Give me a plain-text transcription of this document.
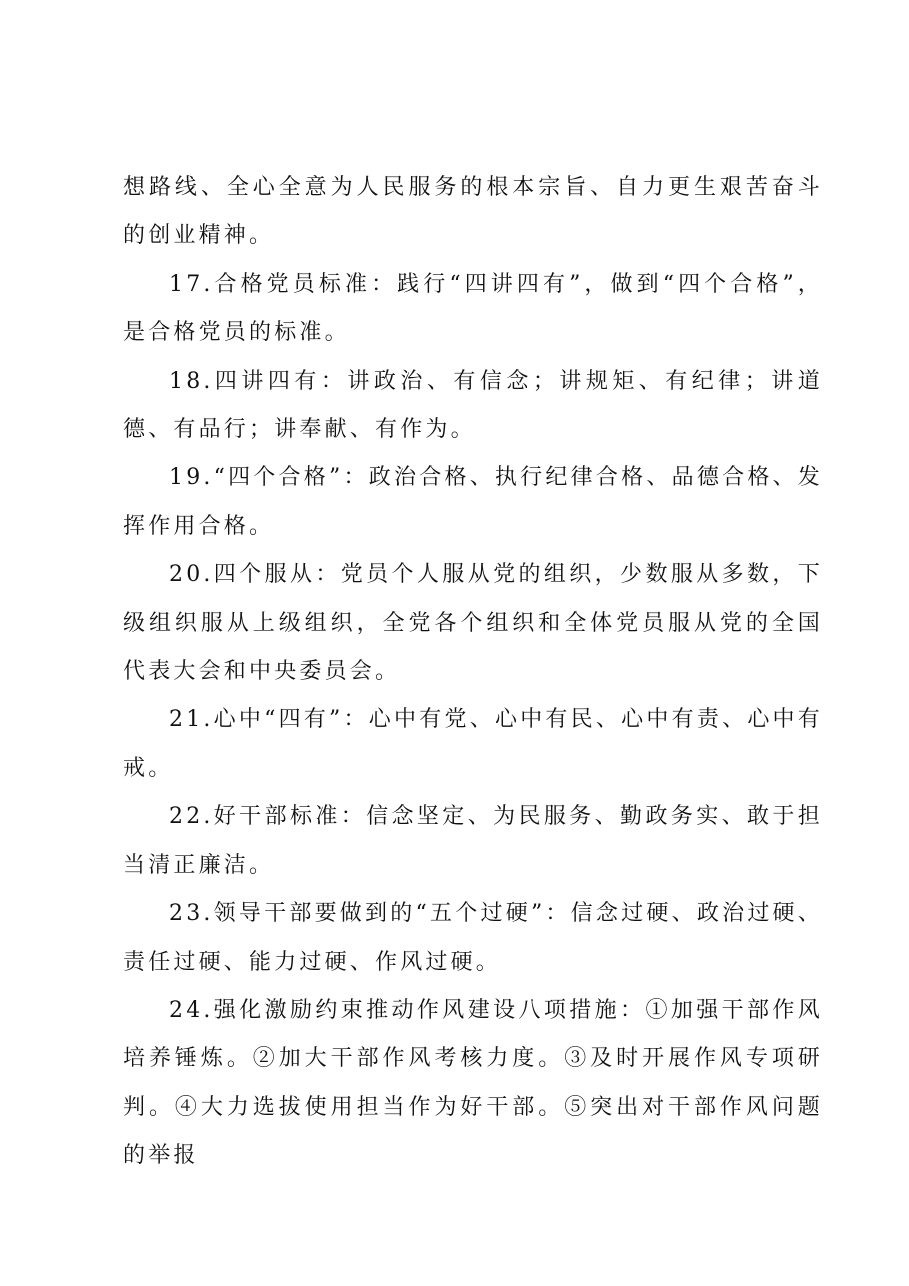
想路线、全心全意为人民服务的根本宗旨、自力更生艰苦奋斗的创业精神。

17.合格党员标准：践行“四讲四有”，做到“四个合格”，是合格党员的标准。

18.四讲四有：讲政治、有信念；讲规矩、有纪律；讲道德、有品行；讲奉献、有作为。

19.“四个合格”：政治合格、执行纪律合格、品德合格、发挥作用合格。

20.四个服从：党员个人服从党的组织，少数服从多数，下级组织服从上级组织，全党各个组织和全体党员服从党的全国代表大会和中央委员会。

21.心中“四有”：心中有党、心中有民、心中有责、心中有戒。

22.好干部标准：信念坚定、为民服务、勤政务实、敢于担当清正廉洁。

23.领导干部要做到的“五个过硬”：信念过硬、政治过硬、责任过硬、能力过硬、作风过硬。

24.强化激励约束推动作风建设八项措施：①加强干部作风培养锤炼。②加大干部作风考核力度。③及时开展作风专项研判。④大力选拔使用担当作为好干部。⑤突出对干部作风问题的举报
